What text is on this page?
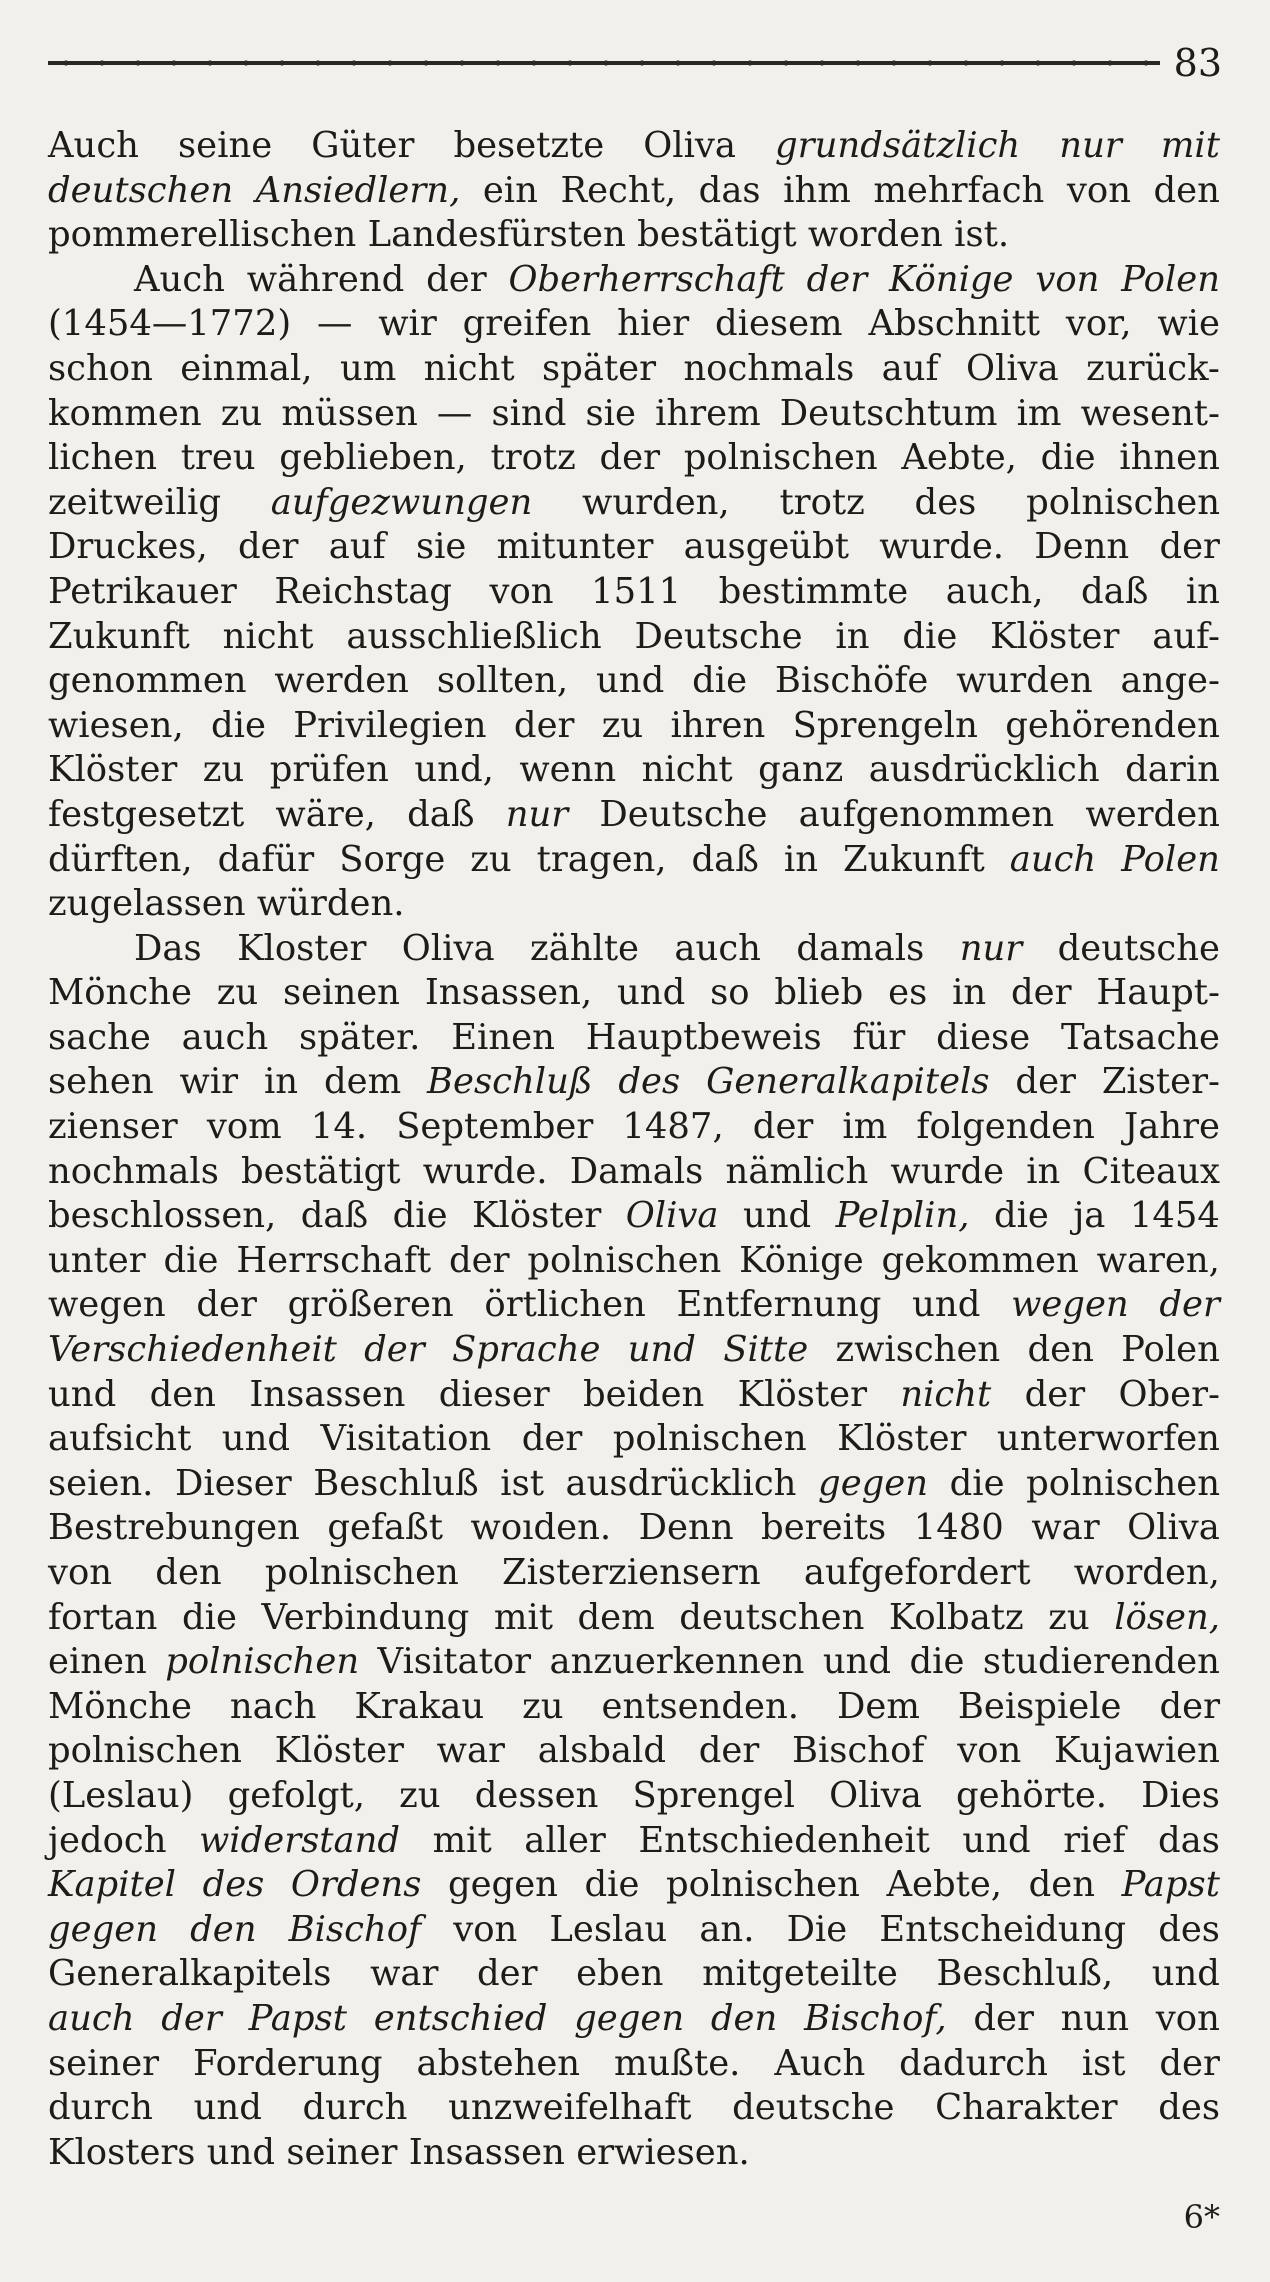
83
Auch seine Güter besetzte Oliva grundsätzlich nur mit
deutschen Ansiedlern, ein Recht, das ihm mehrfach von den
pommerellischen Landesfürsten bestätigt worden ist.
Auch während der Oberherrschaft der Könige von Polen
(1454—1772) — wir greifen hier diesem Abschnitt vor, wie
schon einmal, um nicht später nochmals auf Oliva zurück-
kommen zu müssen — sind sie ihrem Deutschtum im wesent-
lichen treu geblieben, trotz der polnischen Aebte, die ihnen
zeitweilig aufgezwungen wurden, trotz des polnischen
Druckes, der auf sie mitunter ausgeübt wurde. Denn der
Petrikauer Reichstag von 1511 bestimmte auch, daß in
Zukunft nicht ausschließlich Deutsche in die Klöster auf-
genommen werden sollten, und die Bischöfe wurden ange-
wiesen, die Privilegien der zu ihren Sprengeln gehörenden
Klöster zu prüfen und, wenn nicht ganz ausdrücklich darin
festgesetzt wäre, daß nur Deutsche aufgenommen werden
dürften, dafür Sorge zu tragen, daß in Zukunft auch Polen
zugelassen würden.
Das Kloster Oliva zählte auch damals nur deutsche
Mönche zu seinen Insassen, und so blieb es in der Haupt-
sache auch später. Einen Hauptbeweis für diese Tatsache
sehen wir in dem Beschluß des Generalkapitels der Zister-
zienser vom 14. September 1487, der im folgenden Jahre
nochmals bestätigt wurde. Damals nämlich wurde in Citeaux
beschlossen, daß die Klöster Oliva und Pelplin, die ja 1454
unter die Herrschaft der polnischen Könige gekommen waren,
wegen der größeren örtlichen Entfernung und wegen der
Verschiedenheit der Sprache und Sitte zwischen den Polen
und den Insassen dieser beiden Klöster nicht der Ober-
aufsicht und Visitation der polnischen Klöster unterworfen
seien. Dieser Beschluß ist ausdrücklich gegen die polnischen
Bestrebungen gefaßt woıden. Denn bereits 1480 war Oliva
von den polnischen Zisterziensern aufgefordert worden,
fortan die Verbindung mit dem deutschen Kolbatz zu lösen,
einen polnischen Visitator anzuerkennen und die studierenden
Mönche nach Krakau zu entsenden. Dem Beispiele der
polnischen Klöster war alsbald der Bischof von Kujawien
(Leslau) gefolgt, zu dessen Sprengel Oliva gehörte. Dies
jedoch widerstand mit aller Entschiedenheit und rief das
Kapitel des Ordens gegen die polnischen Aebte, den Papst
gegen den Bischof von Leslau an. Die Entscheidung des
Generalkapitels war der eben mitgeteilte Beschluß, und
auch der Papst entschied gegen den Bischof, der nun von
seiner Forderung abstehen mußte. Auch dadurch ist der
durch und durch unzweifelhaft deutsche Charakter des
Klosters und seiner Insassen erwiesen.
6*
